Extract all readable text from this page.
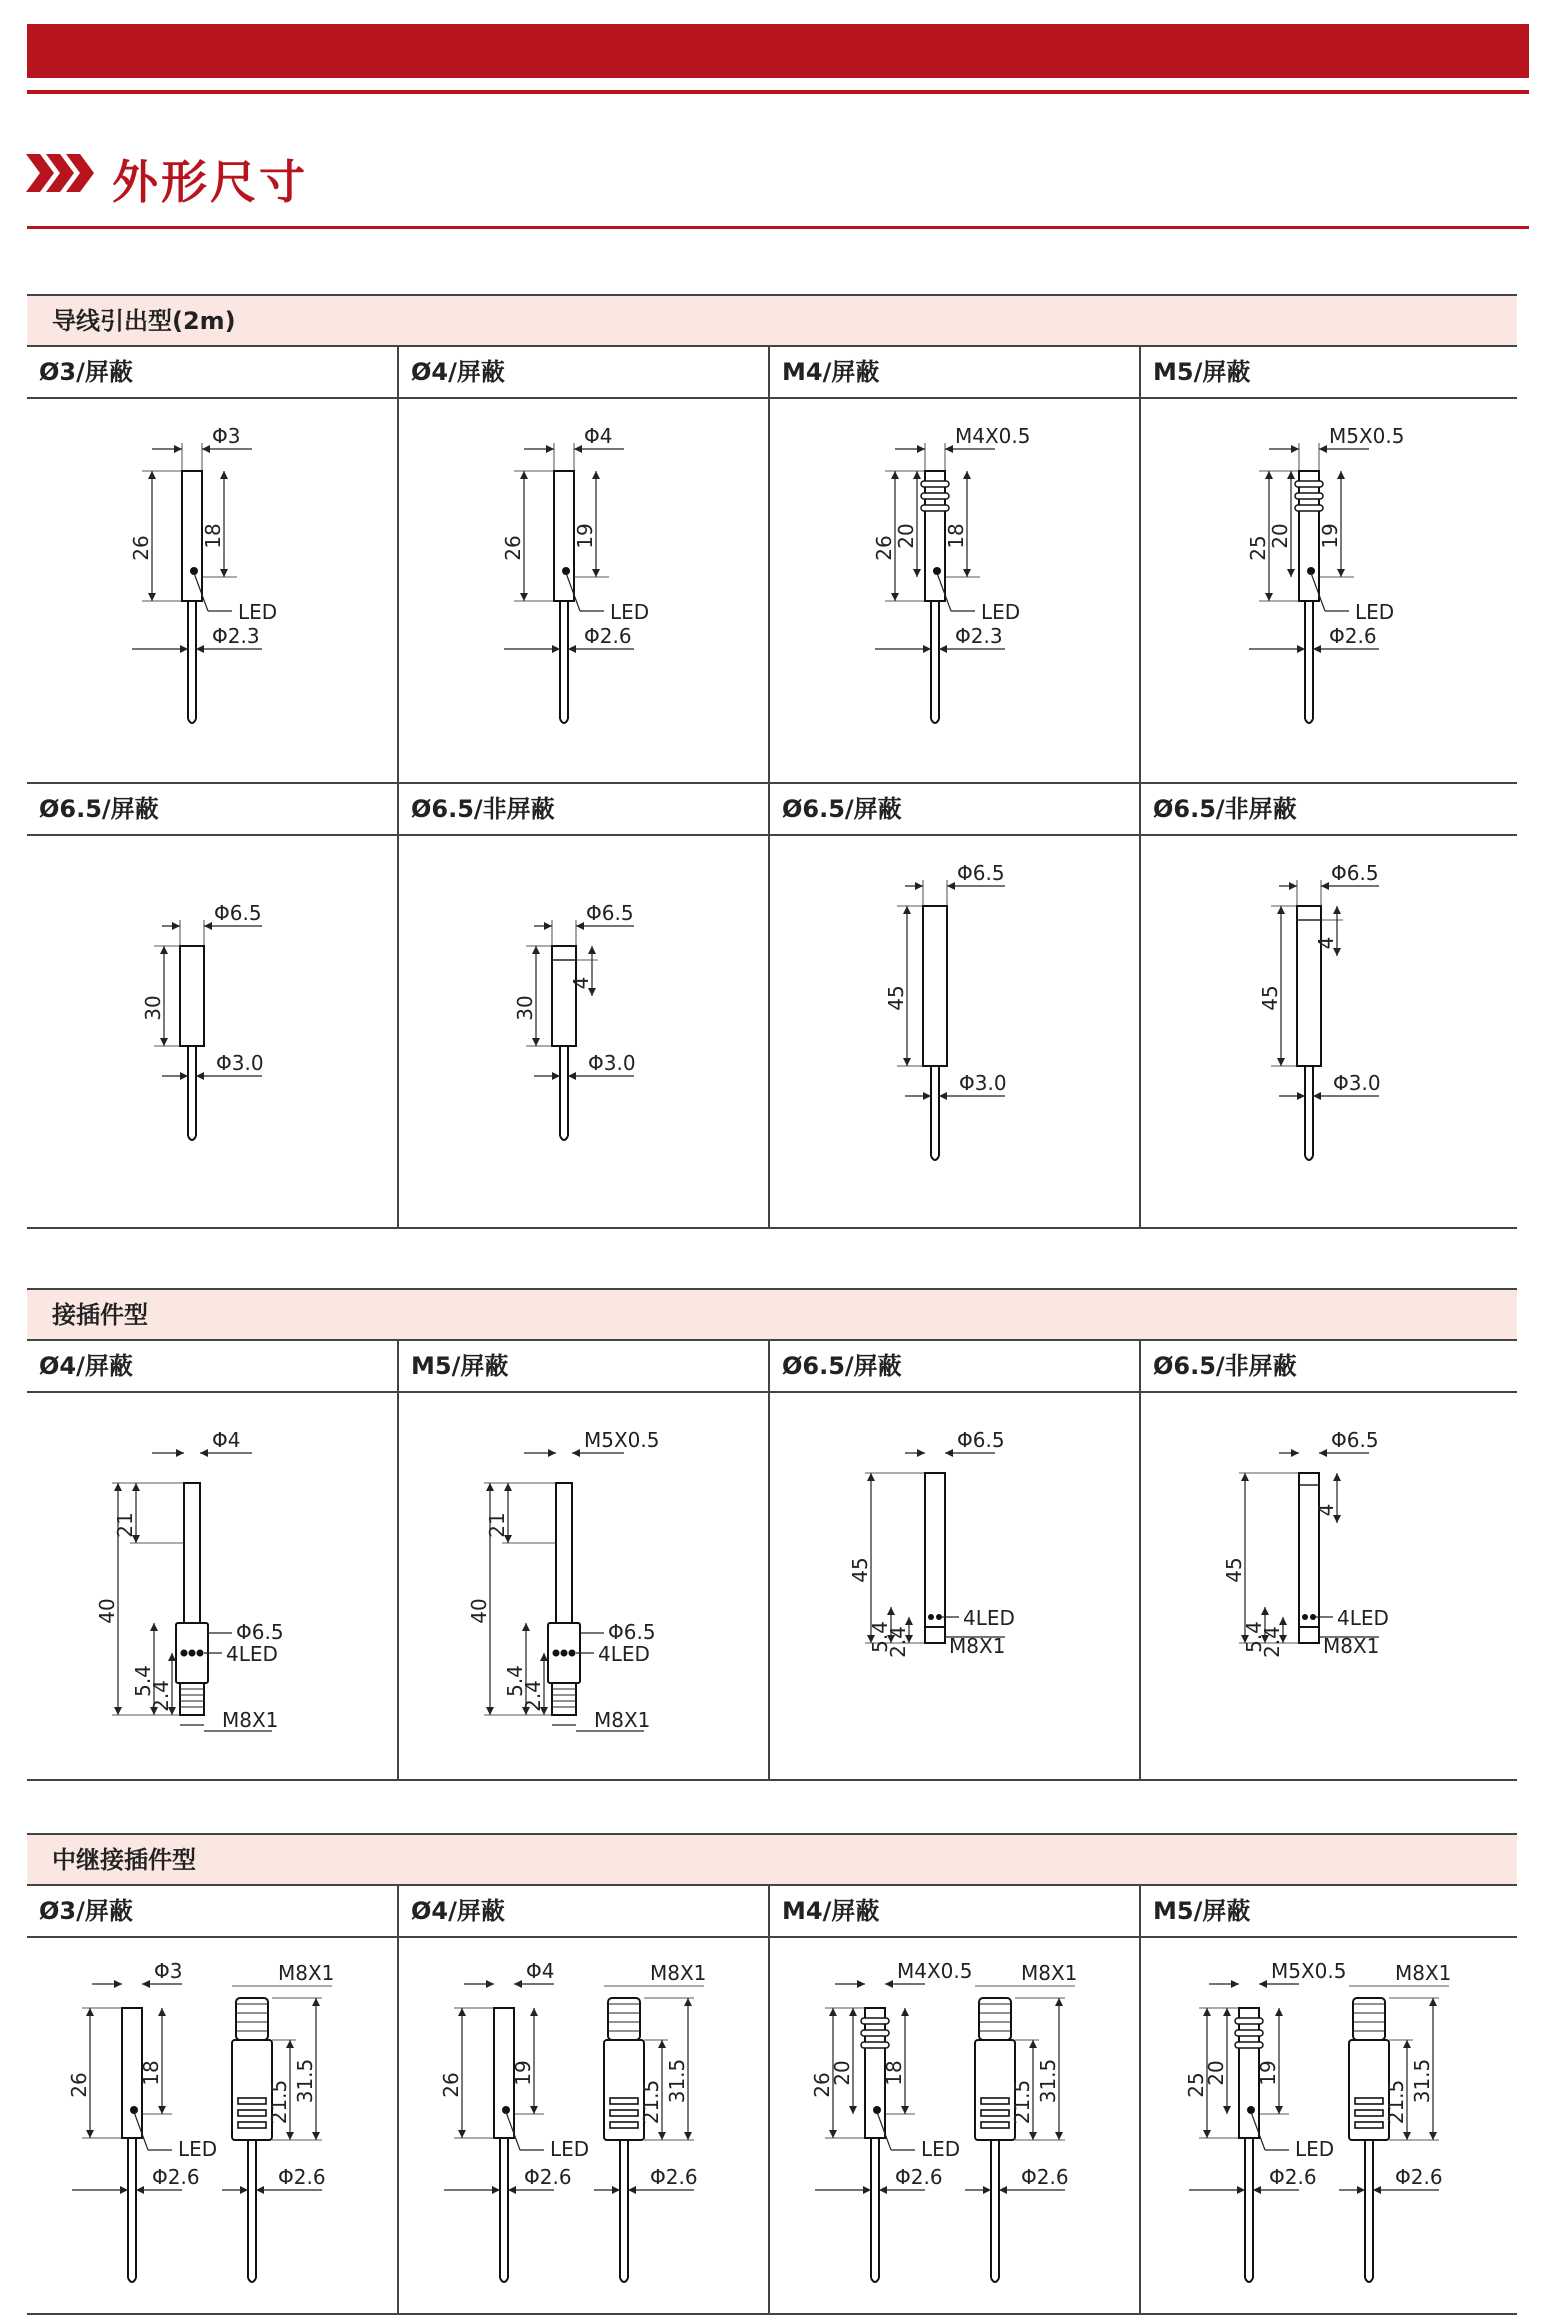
外形尺寸
导线引出型(2m)
Ø3/屏蔽
Φ3
26 18
LED
Φ2.3
Ø4/屏蔽
Φ4
26 19
LED
Φ2.6
M4/屏蔽
M4X0.5
26
20 18
LED
Φ2.3
M5/屏蔽
M5X0.5
25
20 19
LED
Φ2.6
Ø6.5/屏蔽
Φ6.5
30
Φ3.0
Ø6.5/非屏蔽
Φ6.5
30
4
Φ3.0
Ø6.5/屏蔽
Φ6.5
45
Φ3.0
Ø6.5/非屏蔽
Φ6.5
45
4
Φ3.0
接插件型
Ø4/屏蔽
Φ4
40
21
5.4
2.4
Φ6.5
4LED
M8X1
M5/屏蔽
M5X0.5
40
21
5.4
2.4
Φ6.5
4LED
M8X1
Ø6.5/屏蔽
Φ6.5
45
5.4
2.4
4LED
M8X1
Ø6.5/非屏蔽
Φ6.5
45
5.4
2.4
4
4LED
M8X1
中继接插件型
Ø3/屏蔽
Φ3
26 18
LED
Φ2.6
M8X1
21.5 31.5
Φ2.6
Ø4/屏蔽
Φ4
26 19
LED
Φ2.6
M8X1
21.5 31.5
Φ2.6
M4/屏蔽
M4X0.5
20
26 18
LED
Φ2.6
M8X1
21.5 31.5
Φ2.6
M5/屏蔽
M5X0.5
20
25 19
LED
Φ2.6
M8X1
21.5 31.5
Φ2.6
